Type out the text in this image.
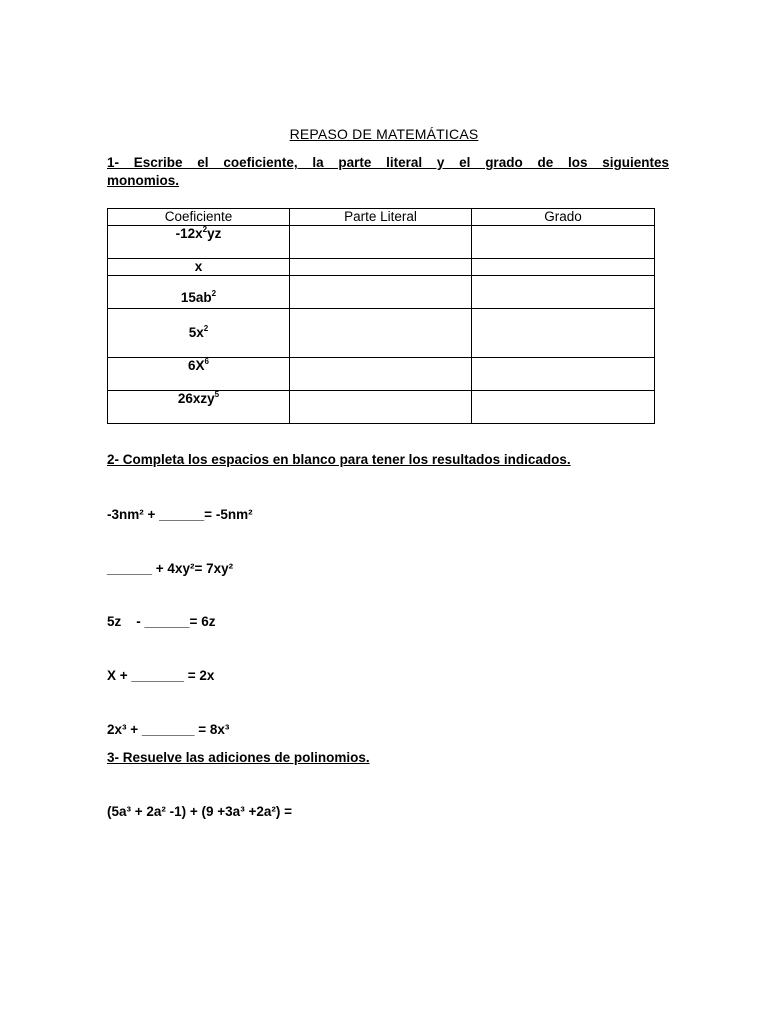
REPASO DE MATEMÁTICAS
1- Escribe el coeficiente, la parte literal y el grado de los siguientes
monomios.
Coeficiente	Parte Literal	Grado
$-12x^2yz$		
x		
$15ab^2$		
$5x^2$		
$6X^6$		
26xzy$^5$		
2- Completa los espacios en blanco para tener los resultados indicados.
-3nm² + ______= -5nm²
______ + 4xy²= 7xy²
5z    - ______= 6z
X + _______ = 2x
2x³ + _______ = 8x³
3- Resuelve las adiciones de polinomios.
(5a³ + 2a² -1) + (9 +3a³ +2a²) =
